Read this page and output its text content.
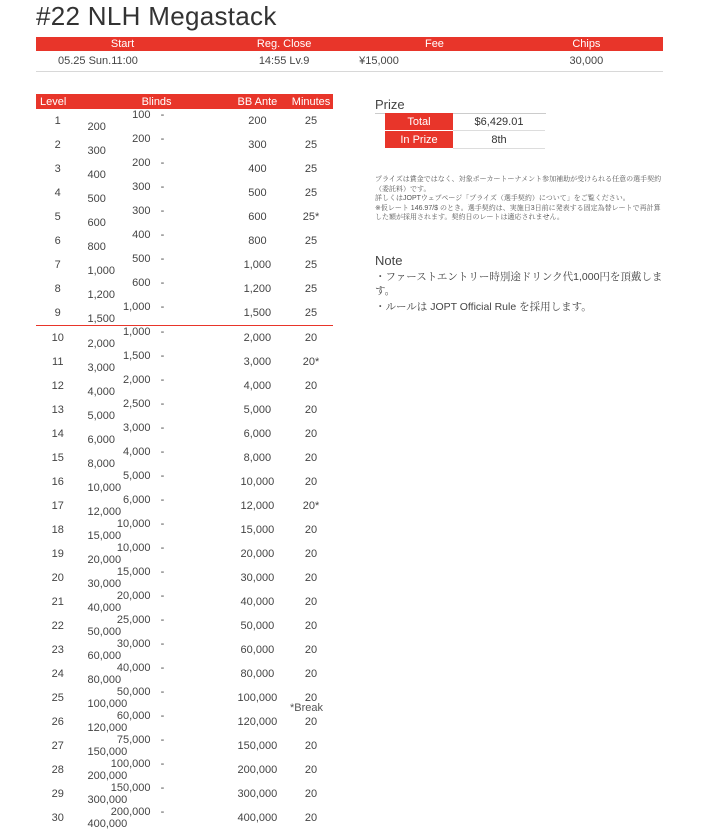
#22 NLH Megastack
Start	Reg. Close	Fee	Chips
05.25 Sun.11:00	14:55 Lv.9	¥15,000	30,000
Level	Blinds	BB Ante	Minutes
1	100 -200	200	25
2	200 -300	300	25
3	200 -400	400	25
4	300 -500	500	25
5	300 -600	600	25*
6	400 -800	800	25
7	500 -1,000	1,000	25
8	600 -1,200	1,200	25
9	1,000 -1,500	1,500	25
10	1,000 -2,000	2,000	20
11	1,500 -3,000	3,000	20*
12	2,000 -4,000	4,000	20
13	2,500 -5,000	5,000	20
14	3,000 -6,000	6,000	20
15	4,000 -8,000	8,000	20
16	5,000 -10,000	10,000	20
17	6,000 -12,000	12,000	20*
18	10,000 -15,000	15,000	20
19	10,000 -20,000	20,000	20
20	15,000 -30,000	30,000	20
21	20,000 -40,000	40,000	20
22	25,000 -50,000	50,000	20
23	30,000 -60,000	60,000	20
24	40,000 -80,000	80,000	20
25	50,000 -100,000	100,000	20
26	60,000 -120,000	120,000	20
27	75,000 -150,000	150,000	20
28	100,000 -200,000	200,000	20
29	150,000 -300,000	300,000	20
30	200,000 -400,000	400,000	20
*Break
Prize
Total	$6,429.01
In Prize	8th

プライズは賞金ではなく、対象ポーカートーナメント参加補助が受けられる任意の選手契約（委託料）です。

詳しくはJOPTウェブページ「プライズ（選手契約）について」をご覧ください。

※仮レート 146.97/$ のとき。選手契約は、実施日3日前に発表する固定為替レートで再計算した額が採用されます。契約日のレートは適応されません。

Note

・ファーストエントリー時別途ドリンク代1,000円を頂戴します。

・ルールは JOPT Official Rule を採用します。
